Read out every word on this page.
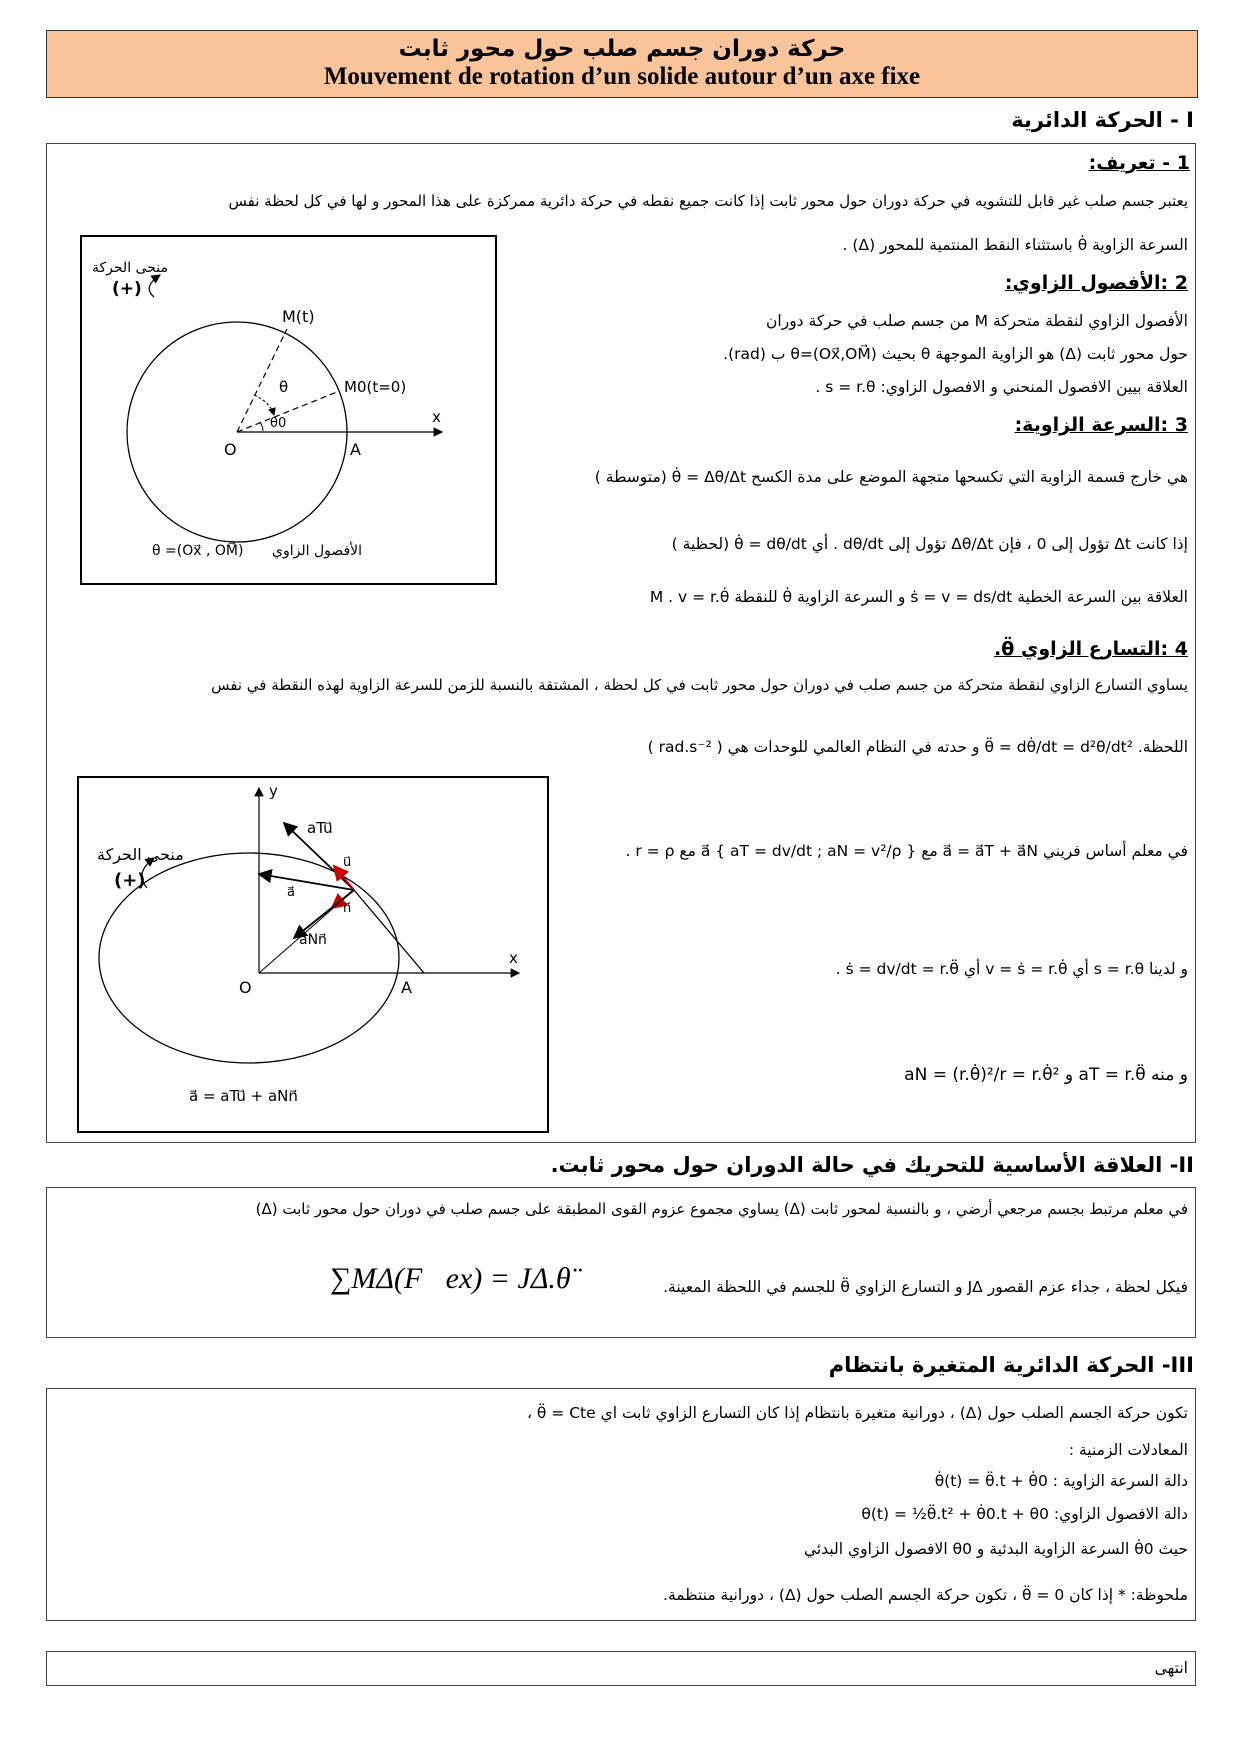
حركة دوران جسم صلب حول محور ثابت
Mouvement de rotation d’un solide autour d’un axe fixe
I - الحركة الدائرية
1 - تعريف:
يعتبر جسم صلب غير قابل للتشويه في حركة دوران حول محور ثابت إذا كانت جميع نقطه في حركة دائرية ممركزة على هذا المحور و لها في كل لحظة نفس
السرعة الزاوية θ̇ باستثناء النقط المنتمية للمحور (Δ) .
2 :الأفصول الزاوي:
الأفصول الزاوي لنقطة متحركة M من جسم صلب في حركة دوران
حول محور ثابت (Δ) هو الزاوية الموجهة θ بحيث θ=(Ox⃗,OM⃗) ب (rad).
العلاقة بيين الافصول المنحني و الافصول الزاوي: s = r.θ .
3 :السرعة الزاوية:
هي خارج قسمة الزاوية التي تكسحها متجهة الموضع على مدة الكسح θ̇ = Δθ/Δt (متوسطة )
إذا كانت Δt تؤول إلى 0 ، فإن Δθ/Δt تؤول إلى dθ/dt . أي θ̇ = dθ/dt (لحظية )
العلاقة بين السرعة الخطية ṡ = v = ds/dt و السرعة الزاوية θ̇ للنقطة M . v = r.θ̇
4 :التسارع الزاوي θ̈.
يساوي التسارع الزاوي لنقطة متحركة من جسم صلب في دوران حول محور ثابت في كل لحظة ، المشتقة بالنسبة للزمن للسرعة الزاوية لهذه النقطة في نفس
اللحظة. θ̈ = dθ̇/dt = d²θ/dt² و حدته في النظام العالمي للوحدات هي ( rad.s⁻² )
في معلم أساس فريني a⃗ = a⃗T + a⃗N مع a⃗ { aT = dv/dt ; aN = v²/ρ } مع r = ρ .
و لدينا s = r.θ أي v = ṡ = r.θ̇ أي ṡ = dv/dt = r.θ̈ .
و منه aT = r.θ̈ و aN = (r.θ̇)²/r = r.θ̇²
منحى الحركة
(+)
M(t)
M0(t=0)
θ
θ0
O	A
x
θ =(Ox⃗ , OM⃗) الأفصول الزاوي
منحى الحركة
(+)
y
x
O	A
aTu⃗
u⃗
a⃗
n⃗
aNn⃗
a⃗ = aTu⃗ + aNn⃗
II- العلاقة الأساسية للتحريك في حالة الدوران حول محور ثابت.
في معلم مرتبط بجسم مرجعي أرضي ، و بالنسبة لمحور ثابت (Δ) يساوي مجموع عزوم القوى المطبقة على جسم صلب في دوران حول محور ثابت (Δ)
فيكل لحظة ، جداء عزم القصور JΔ و التسارع الزاوي θ̈ للجسم في اللحظة المعينة.
∑MΔ(F⃗ex) = JΔ.θ̈
III- الحركة الدائرية المتغيرة بانتظام
تكون حركة الجسم الصلب حول (Δ) ، دورانية متغيرة بانتظام إذا كان التسارع الزاوي ثابت اي θ̈ = Cte ،
المعادلات الزمنية :
دالة السرعة الزاوية : θ̇(t) = θ̈.t + θ̇0
دالة الافصول الزاوي: θ(t) = ½θ̈.t² + θ̇0.t + θ0
حيث θ̇0 السرعة الزاوية البدئية و θ0 الافصول الزاوي البدئي
ملحوظة: * إذا كان θ̈ = 0 ، تكون حركة الجسم الصلب حول (Δ) ، دورانية منتظمة.
انتهى
